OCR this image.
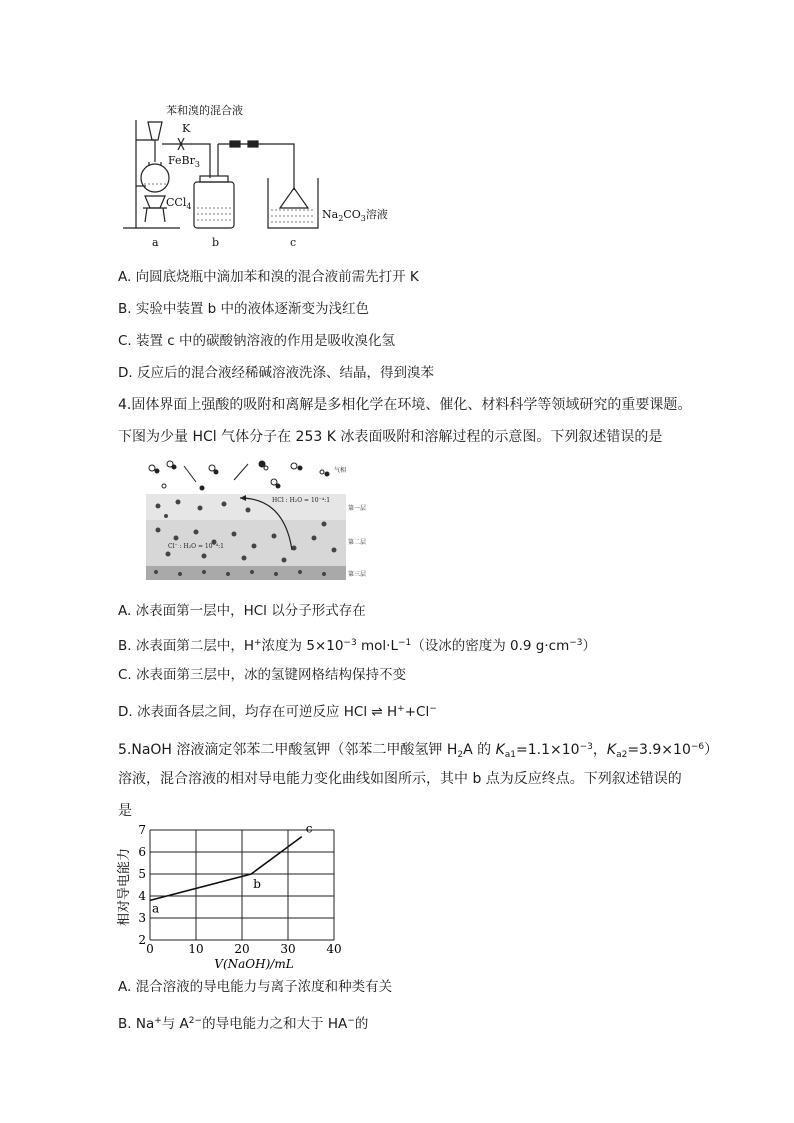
苯和溴的混合液
K
FeBr$_3$
CCl$_4$
$Na_2CO_3$溶液
a	b	c
A. 向圆底烧瓶中滴加苯和溴的混合液前需先打开 K
B. 实验中装置 b 中的液体逐渐变为浅红色
C. 装置 c 中的碳酸钠溶液的作用是吸收溴化氢
D. 反应后的混合液经稀碱溶液洗涤、结晶，得到溴苯
4.固体界面上强酸的吸附和离解是多相化学在环境、催化、材料科学等领域研究的重要课题。
下图为少量 HCl 气体分子在 253 K 冰表面吸附和溶解过程的示意图。下列叙述错误的是
气相
HCl : H₂O = 10⁻⁴:1
Cl⁻ : H₂O = 10⁻⁴:1
第一层
第二层
第三层
A. 冰表面第一层中，HCl 以分子形式存在
B. 冰表面第二层中，H+浓度为 $5\times 10^{-3}$ $mol\cdot L^{-1}$（设冰的密度为 0.9 $g\cdot cm^{-3}$）
C. 冰表面第三层中，冰的氢键网格结构保持不变
D. 冰表面各层之间，均存在可逆反应 HCl ⇌ H++Cl−
5.NaOH 溶液滴定邻苯二甲酸氢钾（邻苯二甲酸氢钾 $H_2A$ 的 $K_{a1}=1.1\times 10^{-3}$，$K_{a2}=3.9\times 10^{-6}$）
溶液，混合溶液的相对导电能力变化曲线如图所示，其中 b 点为反应终点。下列叙述错误的
是
0	10	20	30	40
2
3
4
5
6
7
a
b
c
V(NaOH)/mL
相对导电能力
A. 混合溶液的导电能力与离子浓度和种类有关
B. Na+与 $A^{2-}$的导电能力之和大于 HA−的
